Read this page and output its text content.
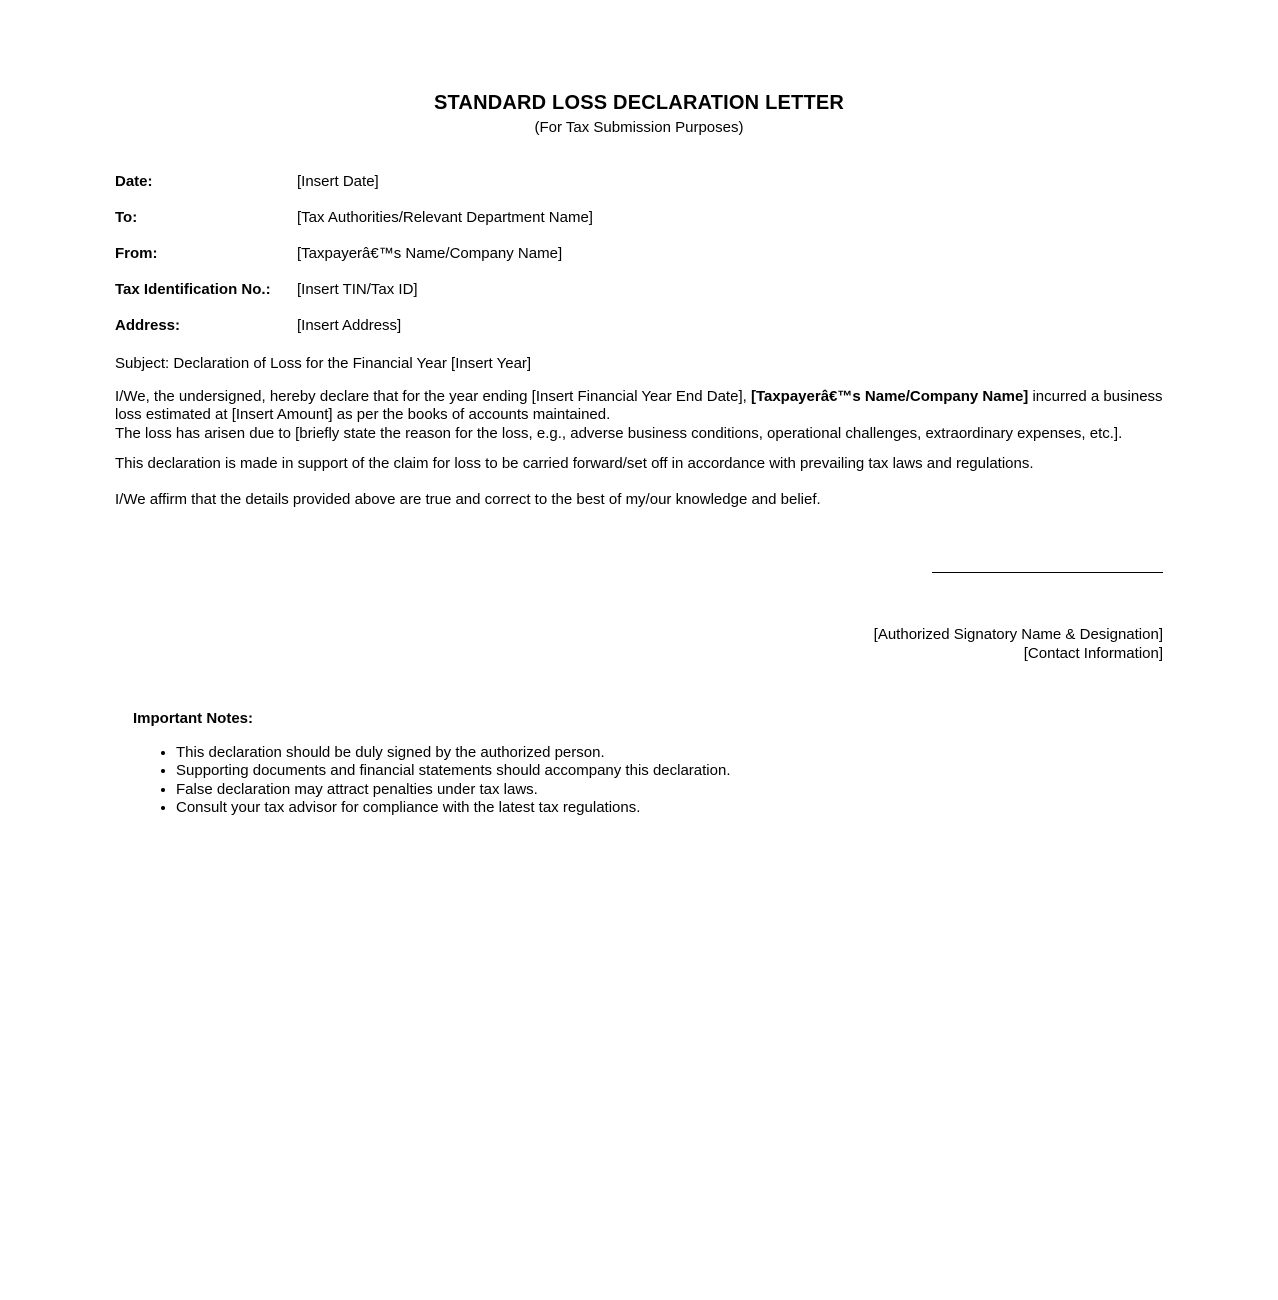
STANDARD LOSS DECLARATION LETTER

(For Tax Submission Purposes)

Date:	[Insert Date]
To:	[Tax Authorities/Relevant Department Name]
From:	[Taxpayerâ€™s Name/Company Name]
Tax Identification No.:	[Insert TIN/Tax ID]
Address:	[Insert Address]

Subject: Declaration of Loss for the Financial Year [Insert Year]

I/We, the undersigned, hereby declare that for the year ending [Insert Financial Year End Date], [Taxpayerâ€™s Name/Company Name] incurred a business loss estimated at [Insert Amount] as per the books of accounts maintained.
The loss has arisen due to [briefly state the reason for the loss, e.g., adverse business conditions, operational challenges, extraordinary expenses, etc.].

This declaration is made in support of the claim for loss to be carried forward/set off in accordance with prevailing tax laws and regulations.

I/We affirm that the details provided above are true and correct to the best of my/our knowledge and belief.

[Authorized Signatory Name & Designation]
[Contact Information]
Important Notes:
• This declaration should be duly signed by the authorized person.
• Supporting documents and financial statements should accompany this declaration.
• False declaration may attract penalties under tax laws.
• Consult your tax advisor for compliance with the latest tax regulations.
